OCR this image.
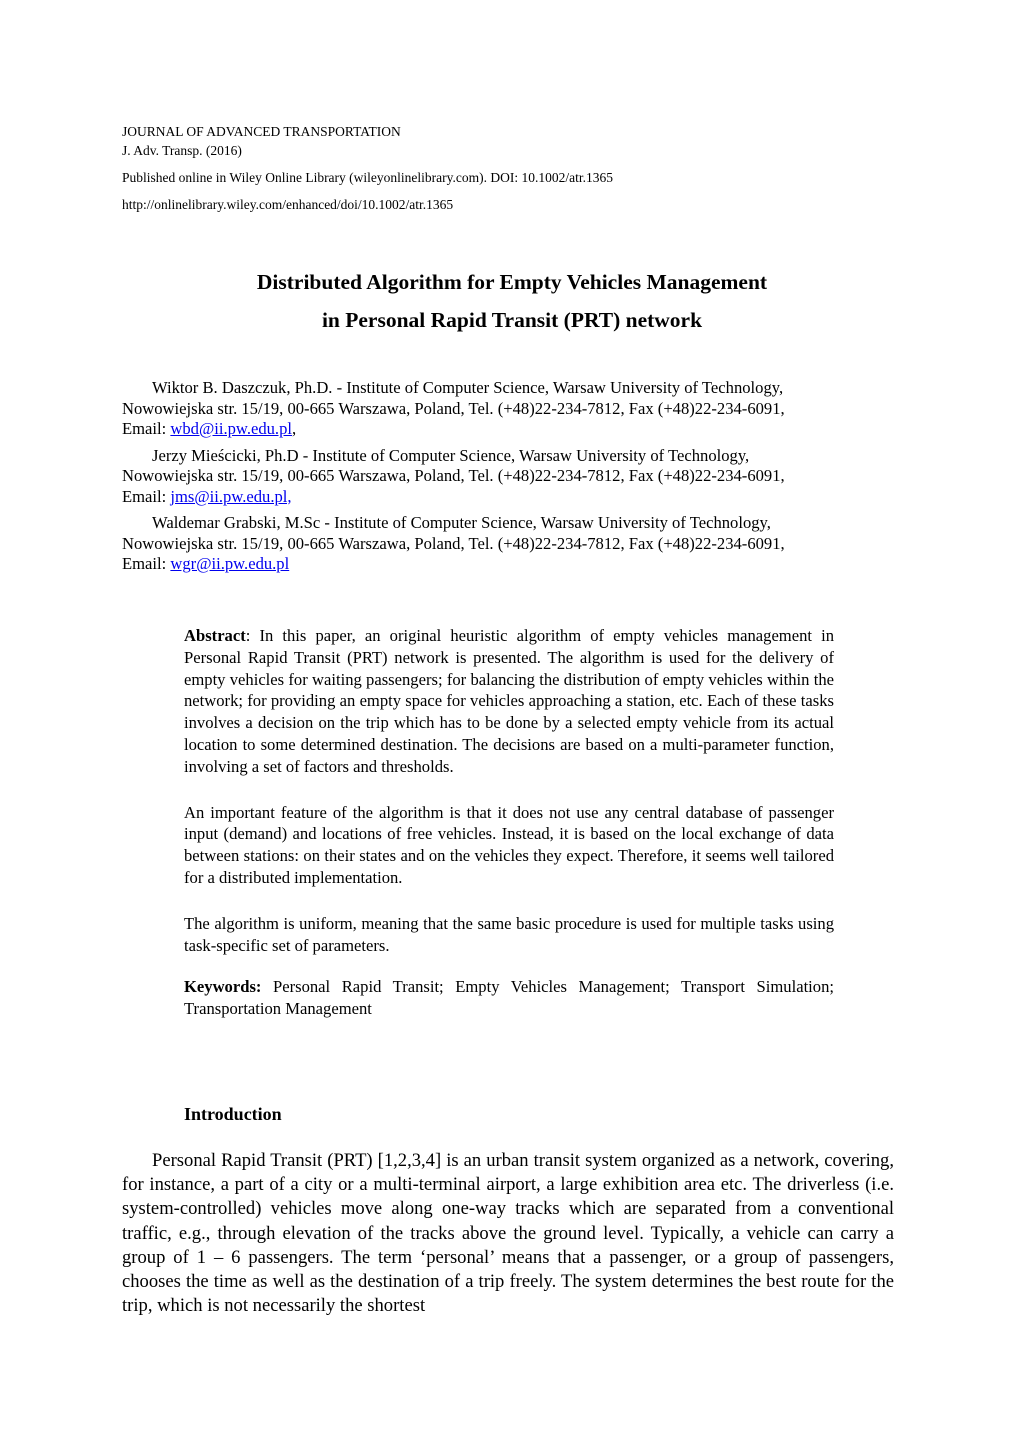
JOURNAL OF ADVANCED TRANSPORTATION
J. Adv. Transp. (2016)
Published online in Wiley Online Library (wileyonlinelibrary.com). DOI: 10.1002/atr.1365
http://onlinelibrary.wiley.com/enhanced/doi/10.1002/atr.1365
Distributed Algorithm for Empty Vehicles Management
in Personal Rapid Transit (PRT) network
Wiktor B. Daszczuk, Ph.D. - Institute of Computer Science, Warsaw University of Technology,
Nowowiejska str. 15/19, 00-665 Warszawa, Poland, Tel. (+48)22-234-7812, Fax (+48)22-234-6091,
Email: wbd@ii.pw.edu.pl,
Jerzy Mieścicki, Ph.D - Institute of Computer Science, Warsaw University of Technology,
Nowowiejska str. 15/19, 00-665 Warszawa, Poland, Tel. (+48)22-234-7812, Fax (+48)22-234-6091,
Email: jms@ii.pw.edu.pl,
Waldemar Grabski, M.Sc - Institute of Computer Science, Warsaw University of Technology,
Nowowiejska str. 15/19, 00-665 Warszawa, Poland, Tel. (+48)22-234-7812, Fax (+48)22-234-6091,
Email: wgr@ii.pw.edu.pl

Abstract: In this paper, an original heuristic algorithm of empty vehicles management in Personal Rapid Transit (PRT) network is presented. The algorithm is used for the delivery of empty vehicles for waiting passengers; for balancing the distribution of empty vehicles within the network; for providing an empty space for vehicles approaching a station, etc. Each of these tasks involves a decision on the trip which has to be done by a selected empty vehicle from its actual location to some determined destination. The decisions are based on a multi-parameter function, involving a set of factors and thresholds.

An important feature of the algorithm is that it does not use any central database of passenger input (demand) and locations of free vehicles. Instead, it is based on the local exchange of data between stations: on their states and on the vehicles they expect. Therefore, it seems well tailored for a distributed implementation.

The algorithm is uniform, meaning that the same basic procedure is used for multiple tasks using task-specific set of parameters.

Keywords: Personal Rapid Transit; Empty Vehicles Management; Transport Simulation; Transportation Management

Introduction

Personal Rapid Transit (PRT) [1,2,3,4] is an urban transit system organized as a network, covering, for instance, a part of a city or a multi-terminal airport, a large exhibition area etc. The driverless (i.e. system-controlled) vehicles move along one-way tracks which are separated from a conventional traffic, e.g., through elevation of the tracks above the ground level. Typically, a vehicle can carry a group of 1 – 6 passengers. The term ‘personal’ means that a passenger, or a group of passengers, chooses the time as well as the destination of a trip freely. The system determines the best route for the trip, which is not necessarily the shortest
